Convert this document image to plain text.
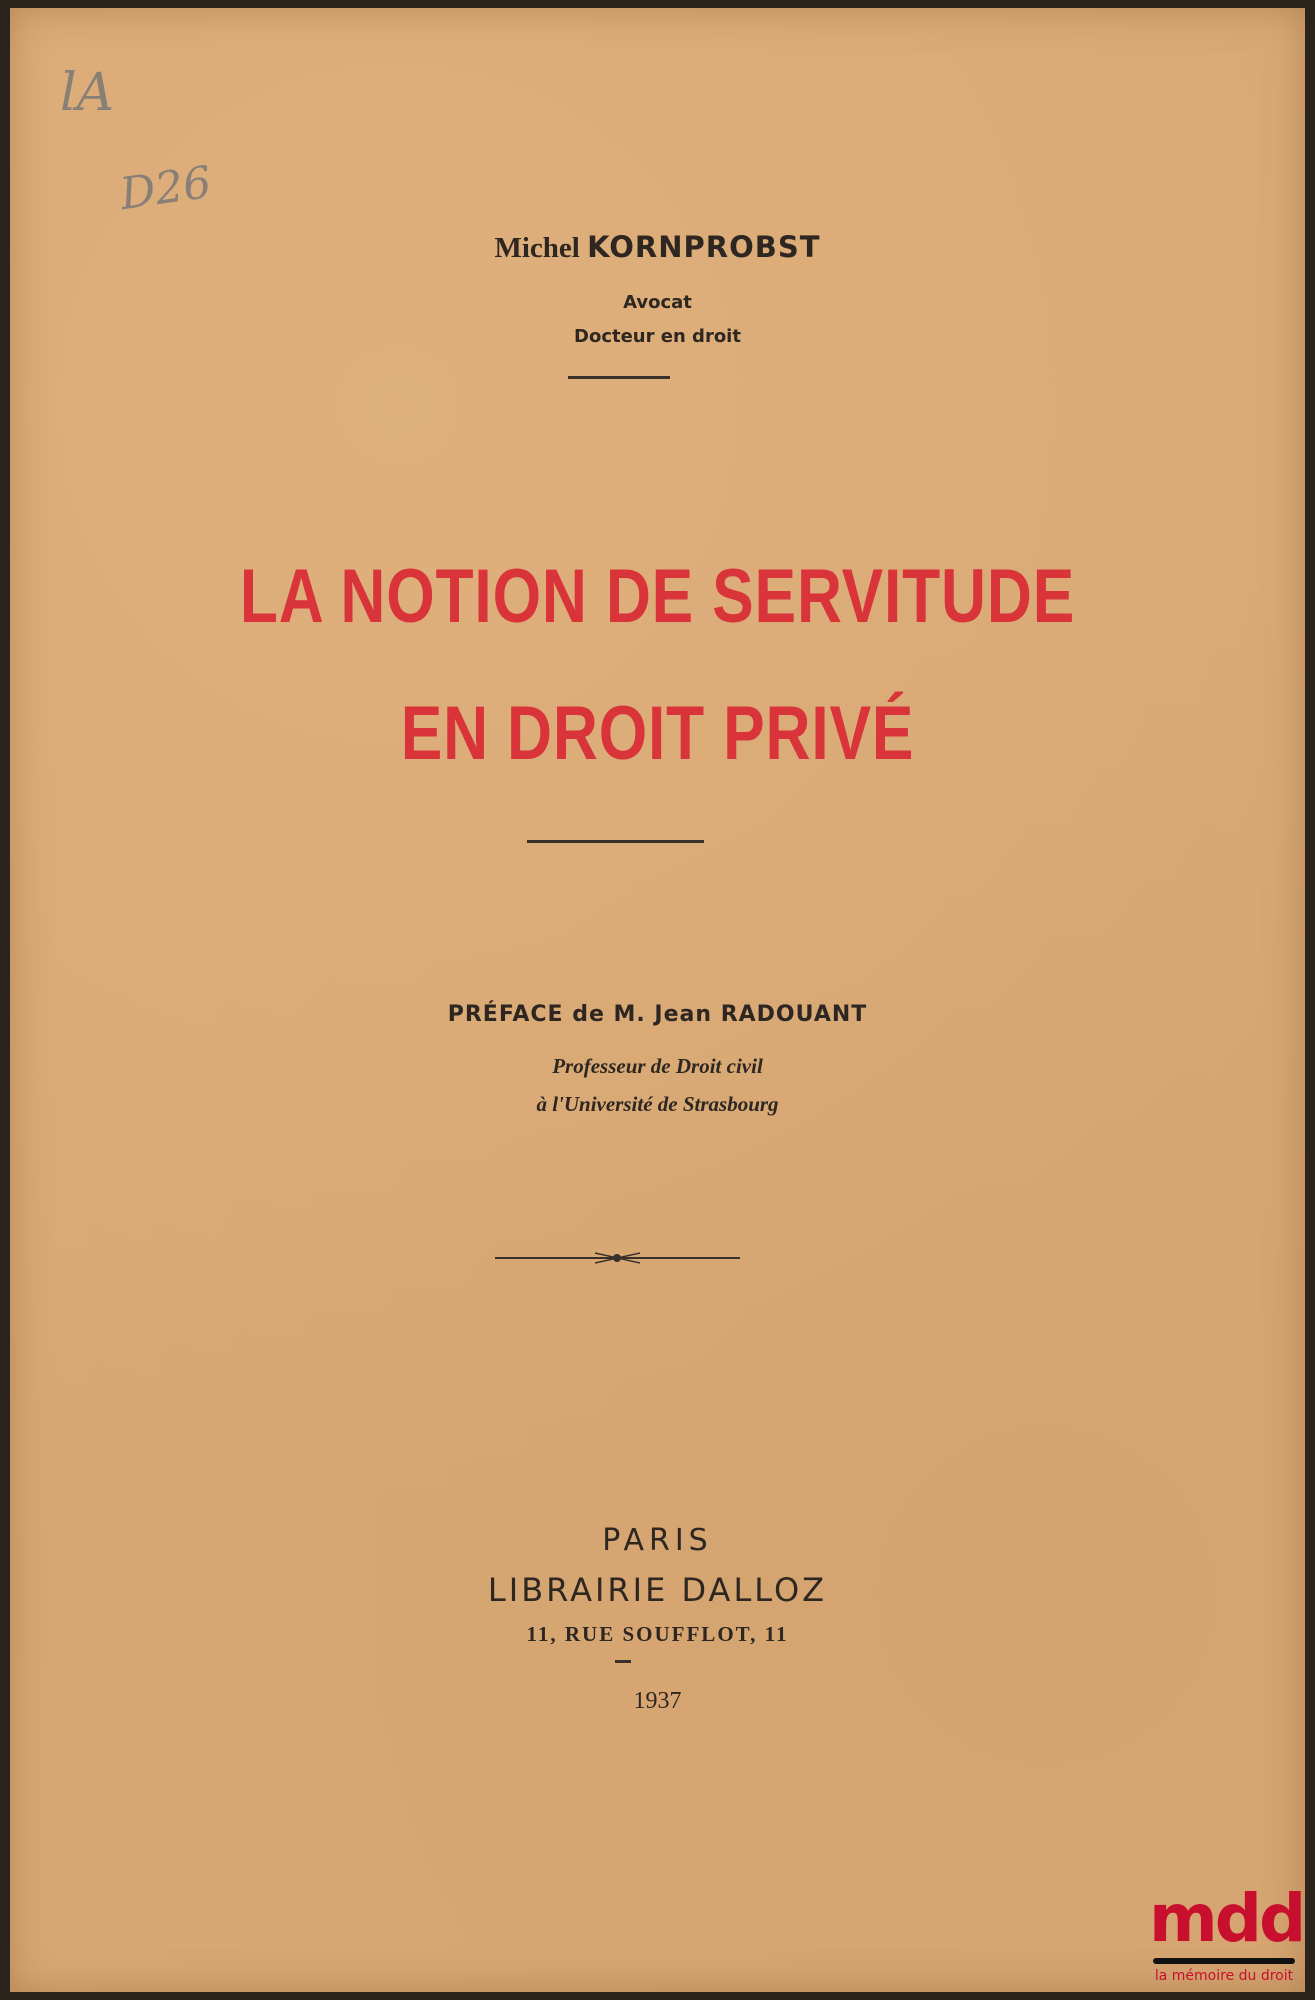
lA
D26
Michel KORNPROBST
Avocat
Docteur en droit
LA NOTION DE SERVITUDE
EN DROIT PRIVÉ
PRÉFACE de M. Jean RADOUANT
Professeur de Droit civil
à l'Université de Strasbourg
PARIS
LIBRAIRIE DALLOZ
11, RUE SOUFFLOT, 11
1937
mdd
la mémoire du droit
